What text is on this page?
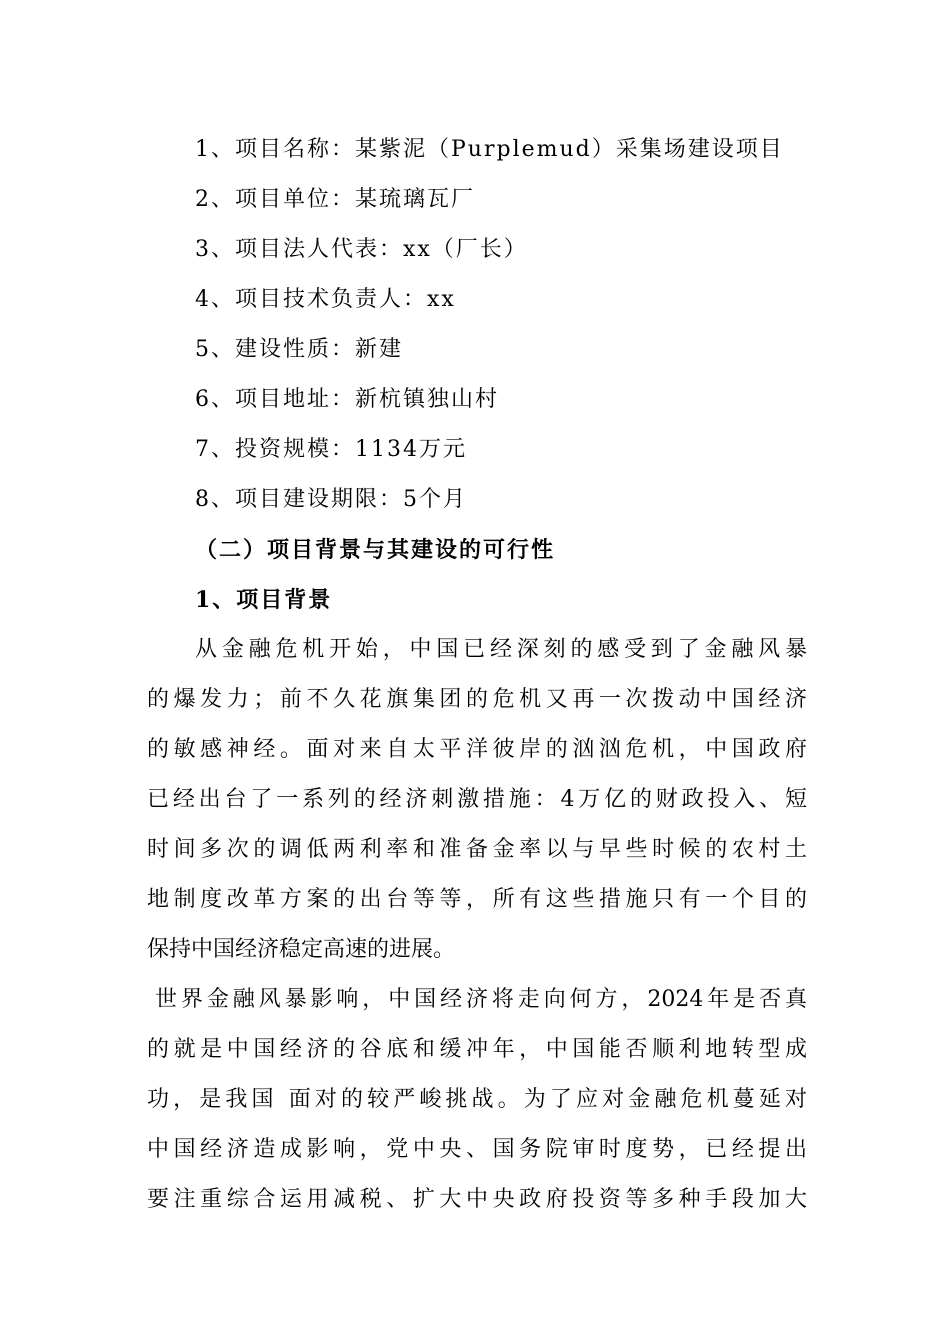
1、项目名称：某紫泥（Purplemud）采集场建设项目
2、项目单位：某琉璃瓦厂
3、项目法人代表：xx（厂长）
4、项目技术负责人：xx
5、建设性质：新建
6、项目地址：新杭镇独山村
7、投资规模：1134万元
8、项目建设期限：5个月
（二）项目背景与其建设的可行性
1、项目背景
从金融危机开始，中国已经深刻的感受到了金融风暴
的爆发力；前不久花旗集团的危机又再一次拨动中国经济
的敏感神经。面对来自太平洋彼岸的汹汹危机，中国政府
已经出台了一系列的经济刺激措施：4万亿的财政投入、短
时间多次的调低两利率和准备金率以与早些时候的农村土
地制度改革方案的出台等等，所有这些措施只有一个目的
保持中国经济稳定高速的进展。
世界金融风暴影响，中国经济将走向何方，2024年是否真
的就是中国经济的谷底和缓冲年，中国能否顺利地转型成
功，是我国 面对的较严峻挑战。为了应对金融危机蔓延对
中国经济造成影响，党中央、国务院审时度势，已经提出
要注重综合运用减税、扩大中央政府投资等多种手段加大
